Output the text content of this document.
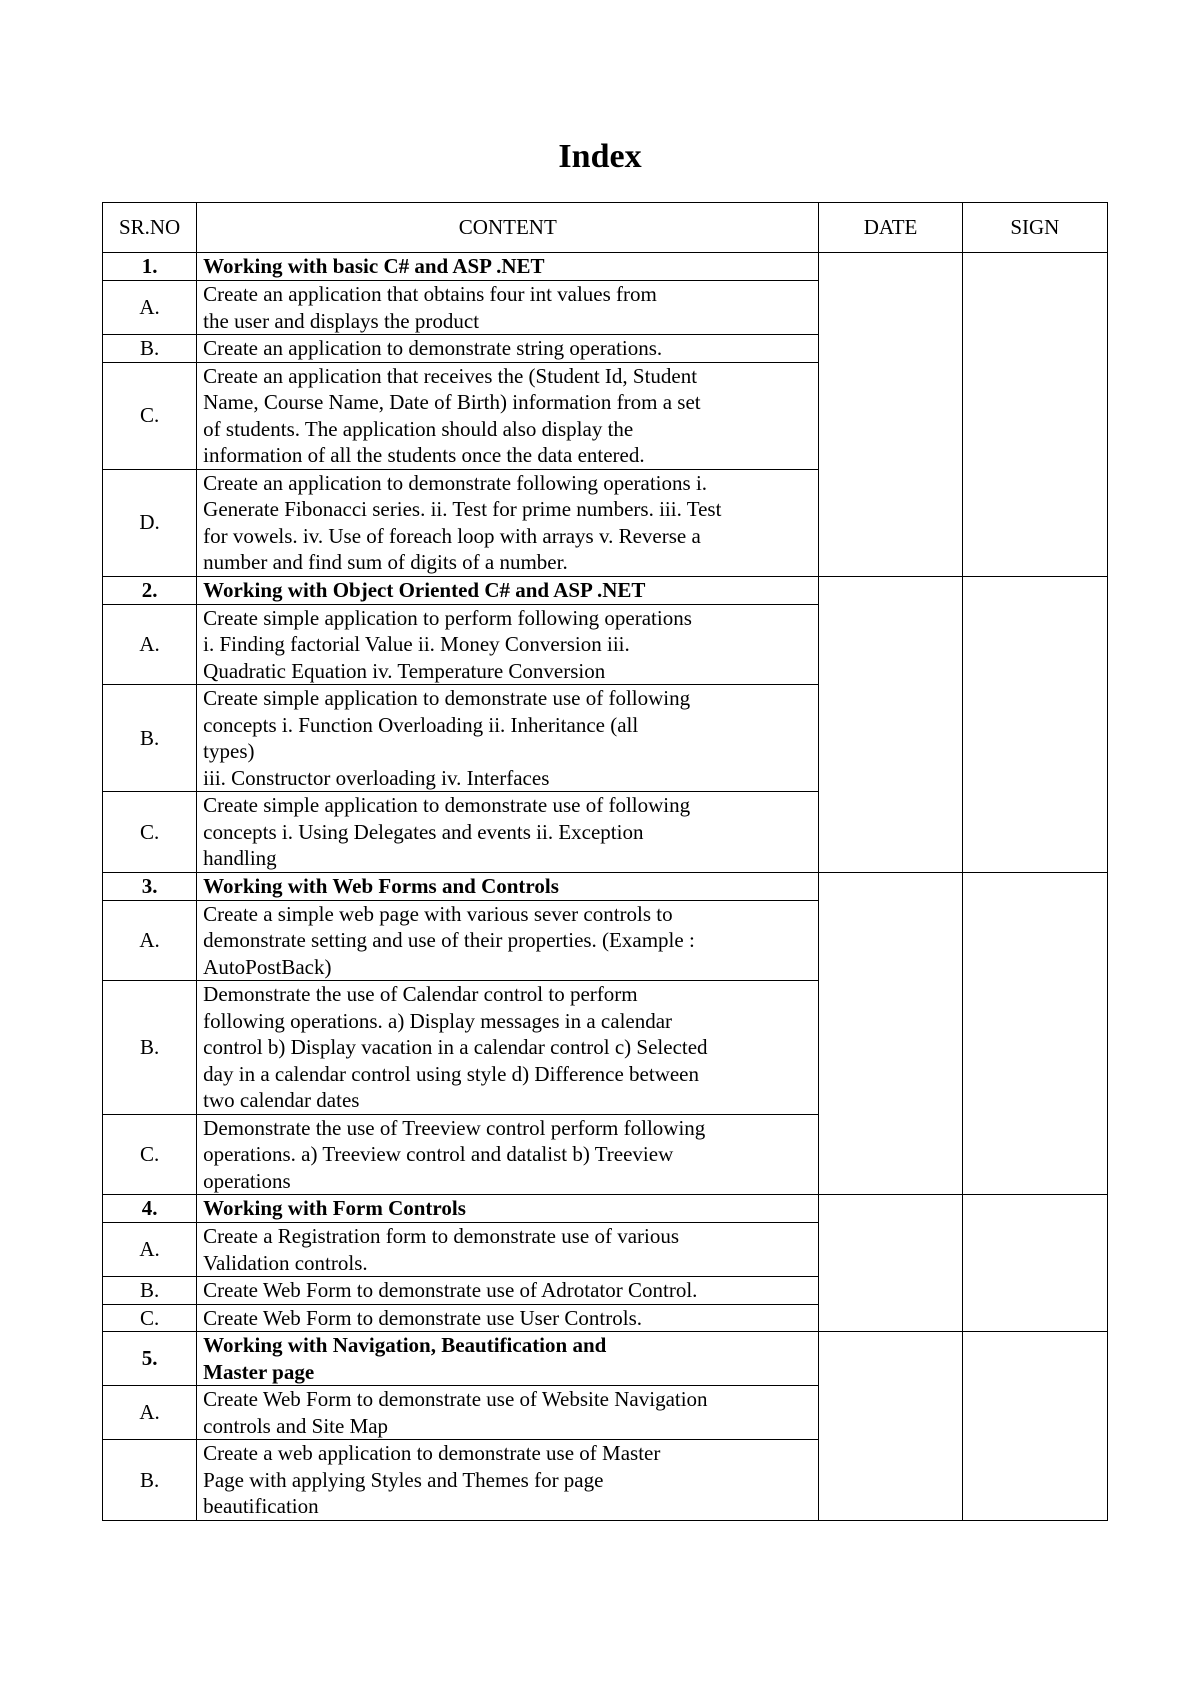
Index
SR.NO	CONTENT	DATE	SIGN
1.	Working with basic C# and ASP .NET		
A.	Create an application that obtains four int values from
the user and displays the product		

B.	Create an application to demonstrate string operations.		

C.	Create an application that receives the (Student Id, Student
Name, Course Name, Date of Birth) information from a set
of students. The application should also display the
information of all the students once the data entered.		

D.	Create an application to demonstrate following operations i.
Generate Fibonacci series. ii. Test for prime numbers. iii. Test
for vowels. iv. Use of foreach loop with arrays v. Reverse a
number and find sum of digits of a number.		

2.	Working with Object Oriented C# and ASP .NET		
A.	Create simple application to perform following operations
i. Finding factorial Value ii. Money Conversion iii.
Quadratic Equation iv. Temperature Conversion		

B.	Create simple application to demonstrate use of following
concepts i. Function Overloading ii. Inheritance (all
types)
iii. Constructor overloading iv. Interfaces		

C.	Create simple application to demonstrate use of following
concepts i. Using Delegates and events ii. Exception
handling		

3.	Working with Web Forms and Controls		
A.	Create a simple web page with various sever controls to
demonstrate setting and use of their properties. (Example :
AutoPostBack)		

B.	Demonstrate the use of Calendar control to perform
following operations. a) Display messages in a calendar
control b) Display vacation in a calendar control c) Selected
day in a calendar control using style d) Difference between
two calendar dates		

C.	Demonstrate the use of Treeview control perform following
operations. a) Treeview control and datalist b) Treeview
operations		

4.	Working with Form Controls		
A.	Create a Registration form to demonstrate use of various
Validation controls.		

B.	Create Web Form to demonstrate use of Adrotator Control.		

C.	Create Web Form to demonstrate use User Controls.		

5.	Working with Navigation, Beautification and
Master page		

A.	Create Web Form to demonstrate use of Website Navigation
controls and Site Map		

B.	Create a web application to demonstrate use of Master
Page with applying Styles and Themes for page
beautification		
